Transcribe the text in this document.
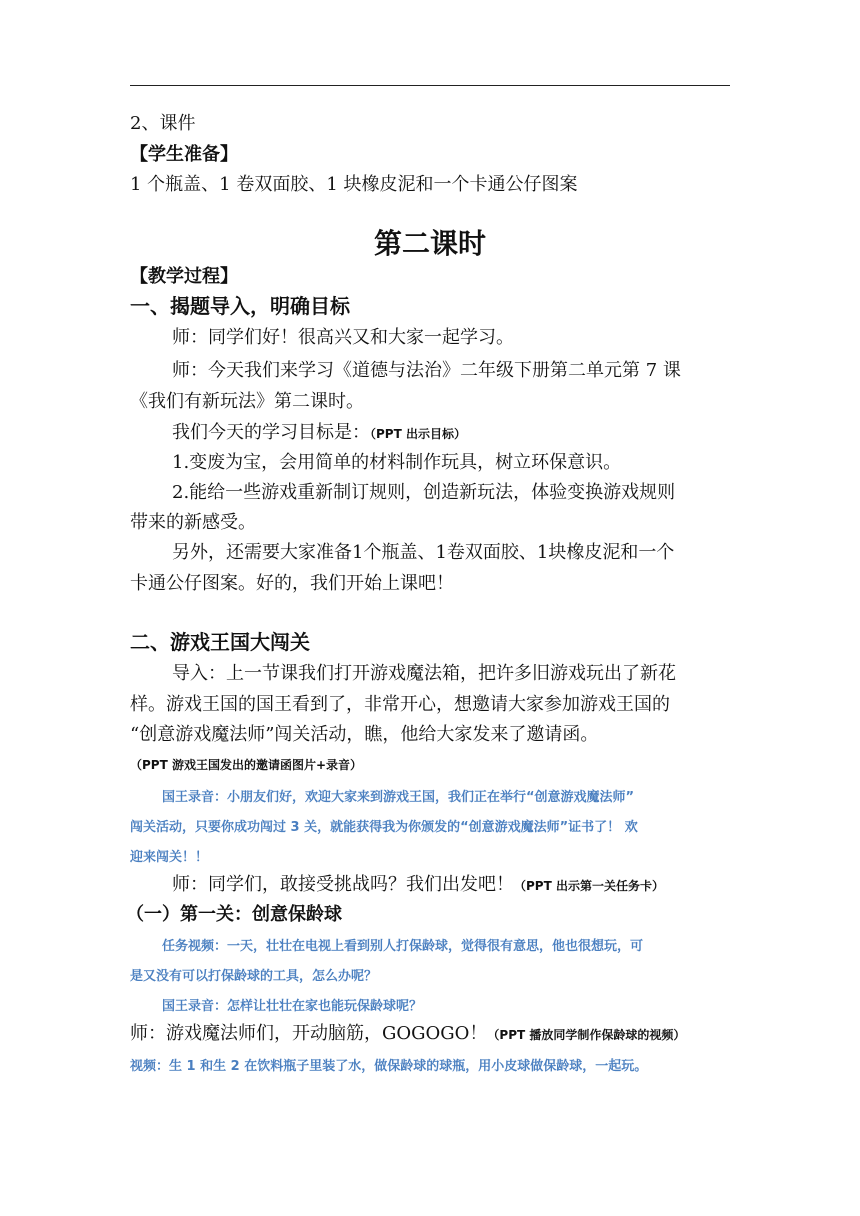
2、课件
【学生准备】
1 个瓶盖、1 卷双面胶、1 块橡皮泥和一个卡通公仔图案
第二课时
【教学过程】
一、揭题导入，明确目标
师：同学们好！很高兴又和大家一起学习。
师：今天我们来学习《道德与法治》二年级下册第二单元第 7 课
《我们有新玩法》第二课时。
我们今天的学习目标是：（PPT 出示目标）
1.变废为宝，会用简单的材料制作玩具，树立环保意识。
2.能给一些游戏重新制订规则，创造新玩法，体验变换游戏规则
带来的新感受。
另外，还需要大家准备1个瓶盖、1卷双面胶、1块橡皮泥和一个
卡通公仔图案。好的，我们开始上课吧！
二、游戏王国大闯关
导入：上一节课我们打开游戏魔法箱，把许多旧游戏玩出了新花
样。游戏王国的国王看到了，非常开心，想邀请大家参加游戏王国的
“创意游戏魔法师”闯关活动，瞧，他给大家发来了邀请函。
（PPT 游戏王国发出的邀请函图片+录音）
国王录音：小朋友们好，欢迎大家来到游戏王国，我们正在举行“创意游戏魔法师”
闯关活动，只要你成功闯过 3 关，就能获得我为你颁发的“创意游戏魔法师”证书了！ 欢
迎来闯关！！
师：同学们，敢接受挑战吗？我们出发吧！（PPT 出示第一关任务卡）
（一）第一关：创意保龄球
任务视频：一天，壮壮在电视上看到别人打保龄球，觉得很有意思，他也很想玩，可
是又没有可以打保龄球的工具，怎么办呢？
国王录音：怎样让壮壮在家也能玩保龄球呢？
师：游戏魔法师们，开动脑筋，GOGOGO！（PPT 播放同学制作保龄球的视频）
视频：生 1 和生 2 在饮料瓶子里装了水，做保龄球的球瓶，用小皮球做保龄球，一起玩。
